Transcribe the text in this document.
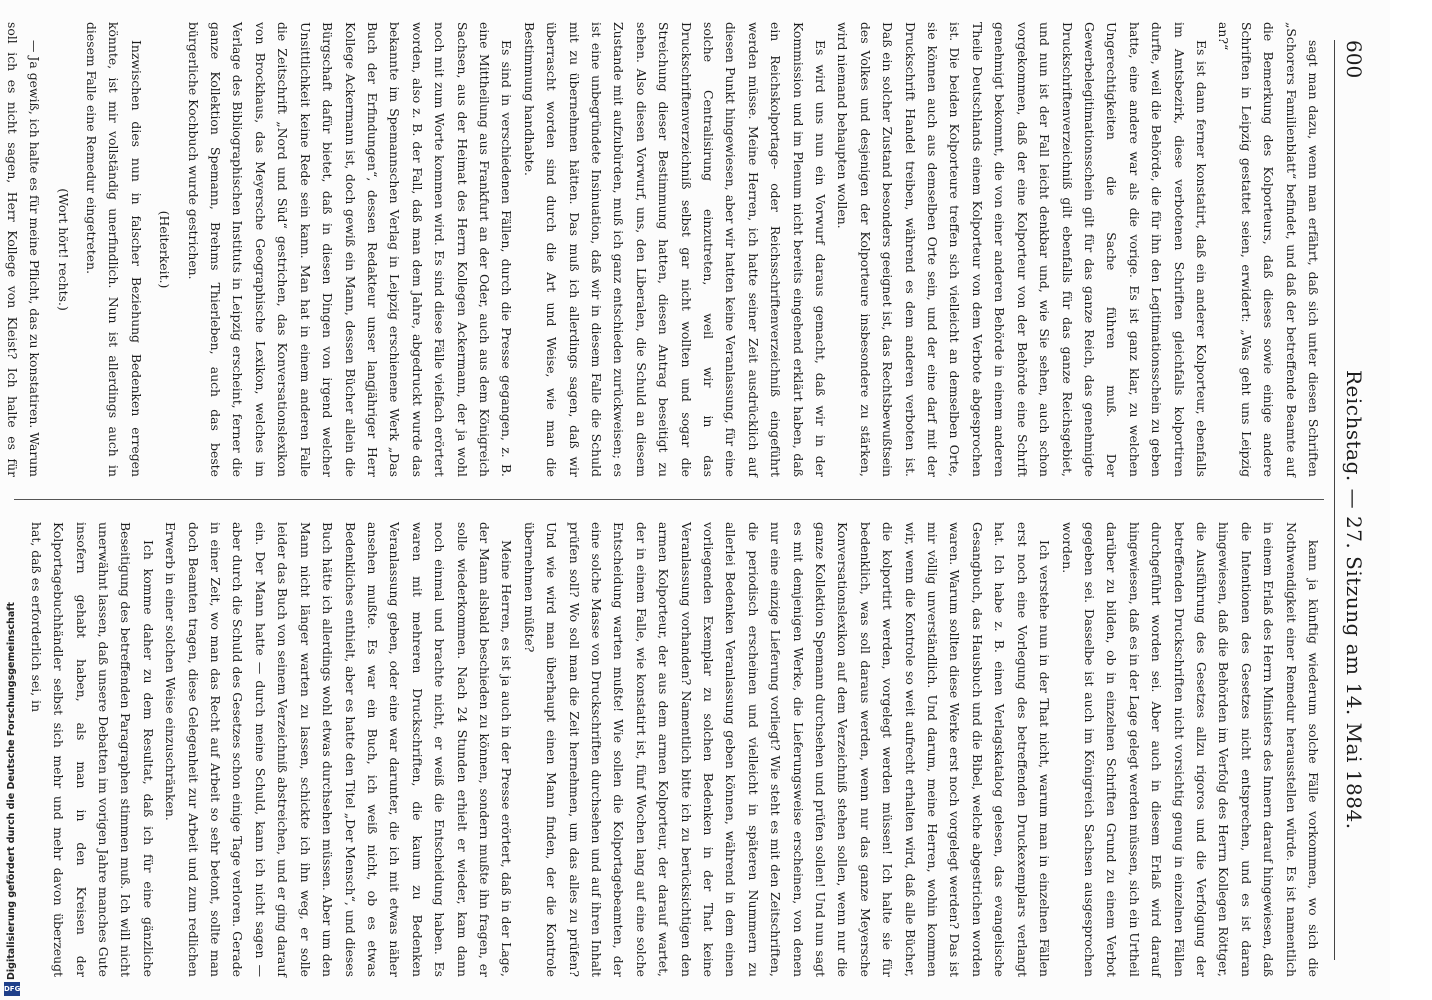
600
Reichstag. — 27. Sitzung am 14. Mai 1884.

sagt man dazu, wenn man erfährt, daß sich unter diesen Schriften „Schorers Familienblatt“ befindet, und daß der betreffende Beamte auf die Bemerkung des Kolporteurs, daß dieses sowie einige andere Schriften in Leipzig gestattet seien, erwidert: „Was geht uns Leipzig an?“

Es ist dann ferner konstatirt, daß ein anderer Kolporteur, ebenfalls im Amtsbezirk, diese verbotenen Schriften gleichfalls kolportiren durfte, weil die Behörde, die für ihn den Legitimationsschein zu geben hatte, eine andere war als die vorige. Es ist ganz klar, zu welchen Ungerechtigkeiten die Sache führen muß. Der Gewerbelegitimationsschein gilt für das ganze Reich, das genehmigte Druckschriftenverzeichniß gilt ebenfalls für das ganze Reichsgebiet, und nun ist der Fall leicht denkbar und, wie Sie sehen, auch schon vorgekommen, daß der eine Kolporteur von der Behörde eine Schrift genehmigt bekommt, die von einer anderen Behörde in einem anderen Theile Deutschlands einem Kolporteur von dem Verbote abgesprochen ist. Die beiden Kolporteure treffen sich vielleicht an demselben Orte, sie können auch aus demselben Orte sein, und der eine darf mit der Druckschrift Handel treiben, während es dem anderen verboten ist. Daß ein solcher Zustand besonders geeignet ist, das Rechtsbewußtsein des Volkes und desjenigen der Kolporteure insbesondere zu stärken, wird niemand behaupten wollen.

Es wird uns nun ein Vorwurf daraus gemacht, daß wir in der Kommission und im Plenum nicht bereits eingehend erklärt haben, daß ein Reichskolportage- oder Reichsschriftenverzeichniß eingeführt werden müsse. Meine Herren, ich hatte seiner Zeit ausdrücklich auf diesen Punkt hingewiesen, aber wir hatten keine Veranlassung, für eine solche Centralisirung einzutreten, weil wir in das Druckschriftenverzeichniß selbst gar nicht wollten und sogar die Streichung dieser Bestimmung hatten, diesen Antrag beseitigt zu sehen. Also diesen Vorwurf, uns, den Liberalen, die Schuld an diesem Zustande mit aufzubürden, muß ich ganz entschieden zurückweisen; es ist eine unbegründete Insinuation, daß wir in diesem Falle die Schuld mit zu übernehmen hätten. Das muß ich allerdings sagen, daß wir überrascht worden sind durch die Art und Weise, wie man die Bestimmung handhabte.

Es sind in verschiedenen Fällen, durch die Presse gegangen, z. B. eine Mittheilung aus Frankfurt an der Oder, auch aus dem Königreich Sachsen, aus der Heimat des Herrn Kollegen Ackermann, der ja wohl noch mit zum Worte kommen wird. Es sind diese Fälle vielfach erörtert worden, also z. B. der Fall, daß man dem Jahre, abgedruckt wurde das bekannte im Spemannschen Verlag in Leipzig erschienene Werk „Das Buch der Erfindungen“, dessen Redakteur unser langjähriger Herr Kollege Ackermann ist, doch gewiß ein Mann, dessen Bücher allein die Bürgschaft dafür bietet, daß in diesen Dingen von irgend welcher Unsittlichkeit keine Rede sein kann. Man hat in einem anderen Falle die Zeitschrift „Nord und Süd“ gestrichen, das Konversationslexikon von Brockhaus, das Meyersche Geographische Lexikon, welches im Verlage des Bibliographischen Instituts in Leipzig erscheint, ferner die ganze Kollektion Spemann, Brehms Thierleben, auch das beste bürgerliche Kochbuch wurde gestrichen.

(Heiterkeit.)

Inzwischen dies nun in falscher Beziehung Bedenken erregen könnte, ist mir vollständig unerfindlich. Nun ist allerdings auch in diesem Falle eine Remedur eingetreten.

(Wort hört! rechts.)

— Ja gewiß, ich halte es für meine Pflicht, das zu konstatiren. Warum soll ich es nicht sagen, Herr Kollege von Kleist? Ich halte es für

kann ja künftig wiederum solche Fälle vorkommen, wo sich die Nothwendigkeit einer Remedur herausstellen würde. Es ist namentlich in einem Erlaß des Herrn Ministers des Innern darauf hingewiesen, daß die Intentionen des Gesetzes nicht entsprechen, und es ist daran hingewiesen, daß die Behörden im Verfolg des Herrn Kollegen Röttger, die Ausführung des Gesetzes allzu rigoros und die Verfolgung der betreffenden Druckschriften nicht vorsichtig genug in einzelnen Fällen durchgeführt worden sei. Aber auch in diesem Erlaß wird darauf hingewiesen, daß es in der Lage gelegt werden müssen, sich ein Urtheil darüber zu bilden, ob in einzelnen Schriften Grund zu einem Verbot gegeben sei. Dasselbe ist auch im Königreich Sachsen ausgesprochen worden.

Ich verstehe nun in der That nicht, warum man in einzelnen Fällen erst noch eine Vorlegung des betreffenden Druckexemplars verlangt hat. Ich habe z. B. einen Verlagskatalog gelesen, das evangelische Gesangbuch, das Hausbuch und die Bibel, welche abgestrichen worden waren. Warum sollten diese Werke erst noch vorgelegt werden? Das ist mir völlig unverständlich. Und darum, meine Herren, wohin kommen wir, wenn die Kontrole so weit aufrecht erhalten wird, daß alle Bücher, die kolportirt werden, vorgelegt werden müssen! Ich halte sie für bedenklich, was soll daraus werden, wenn nur das ganze Meyersche Konversationslexikon auf dem Verzeichniß stehen sollen, wenn nur die ganze Kollektion Spemann durchsehen und prüfen sollen! Und nun sagt es mit demjenigen Werke, die Lieferungsweise erscheinen, von denen nur eine einzige Lieferung vorliegt? Wie steht es mit den Zeitschriften, die periodisch erscheinen und vielleicht in späteren Nummern zu allerlei Bedenken Veranlassung geben können, während in dem einen vorliegenden Exemplar zu solchen Bedenken in der That keine Veranlassung vorhanden? Namentlich bitte ich zu berücksichtigen den armen Kolporteur, der aus dem armen Kolporteur, der darauf wartet, der in einem Falle, wie konstatirt ist, fünf Wochen lang auf eine solche Entscheidung warten mußte! Wie sollen die Kolportagebeamten, der eine solche Masse von Druckschriften durchsehen und auf ihren Inhalt prüfen soll? Wo soll man die Zeit hernehmen, um das alles zu prüfen? Und wie wird man überhaupt einen Mann finden, der die Kontrole übernehmen müßte?

Meine Herren, es ist ja auch in der Presse erörtert, daß in der Lage, der Mann alsbald beschieden zu können, sondern mußte ihn fragen, er solle wiederkommen. Nach 24 Stunden erhielt er wieder, kam dann noch einmal und brachte nicht, er weiß die Entscheidung haben. Es waren mit mehreren Druckschriften, die kaum zu Bedenken Veranlassung geben, oder eine war darunter, die ich mit etwas näher ansehen mußte. Es war ein Buch, ich weiß nicht, ob es etwas Bedenkliches enthielt, aber es hatte den Titel „Der Mensch“, und dieses Buch hätte ich allerdings wohl etwas durchsehen müssen. Aber um den Mann nicht länger warten zu lassen, schickte ich ihn weg, er solle leider das Buch von seinem Verzeichniß abstreichen, und er ging darauf ein. Der Mann hatte — durch meine Schuld, kann ich nicht sagen — aber durch die Schuld des Gesetzes schon einige Tage verloren. Gerade in einer Zeit, wo man das Recht auf Arbeit so sehr betont, sollte man doch Beamten tragen, diese Gelegenheit zur Arbeit und zum redlichen Erwerb in einer solchen Weise einzuschränken.

Ich komme daher zu dem Resultat, daß ich für eine gänzliche Beseitigung des betreffenden Paragraphen stimmen muß. Ich will nicht unerwähnt lassen, daß unsere Debatten im vorigen Jahre manches Gute insofern gehabt haben, als man in den Kreisen der Kolportagebuchhändler selbst sich mehr und mehr davon überzeugt hat, daß es erforderlich sei, in

Digitalisierung gefördert durch die Deutsche Forschungsgemeinschaft
DFG
